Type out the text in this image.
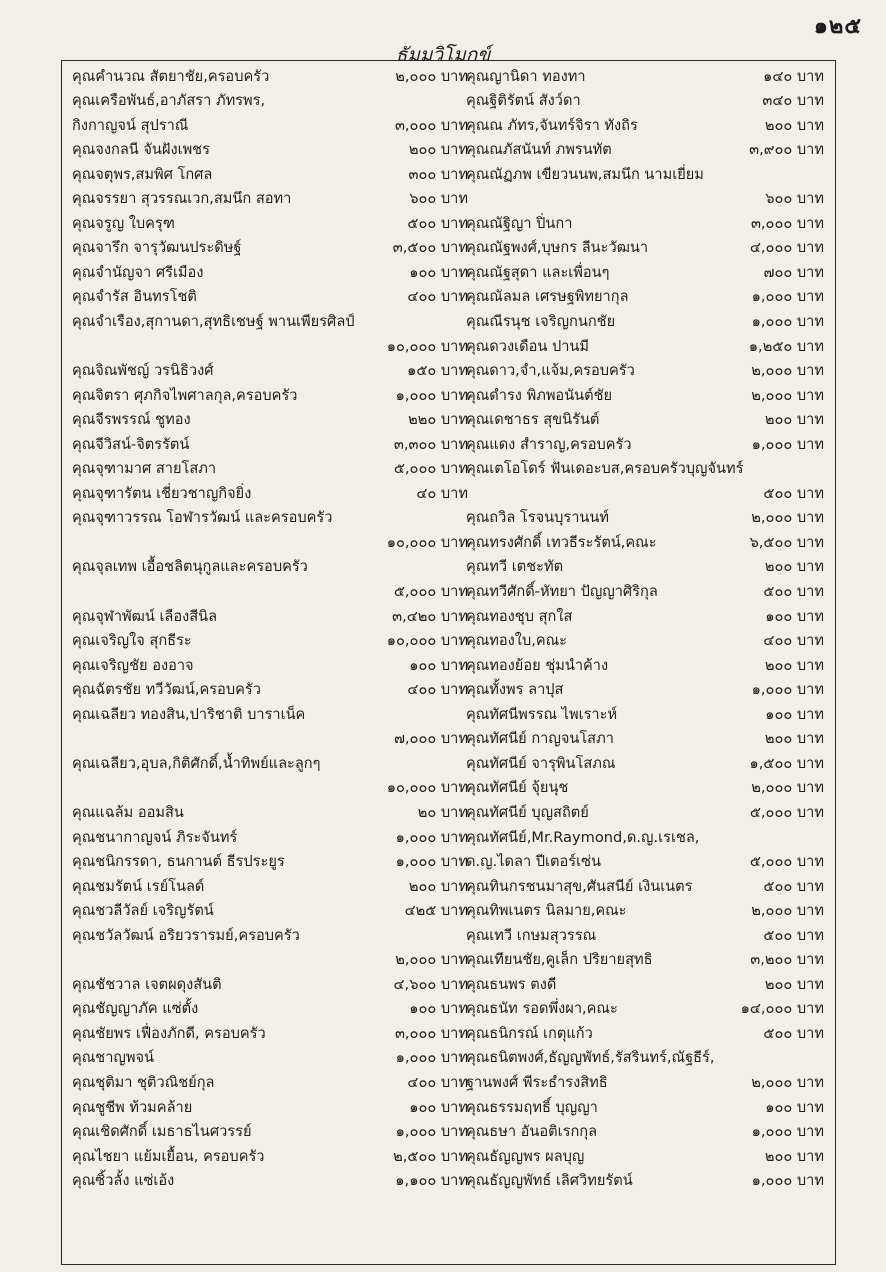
๑๒๕
ธัมมวิโมกข์
คุณคำนวณ สัตยาชัย,ครอบครัว	๒,๐๐๐ บาท
คุณเครือพันธ์,อาภัสรา ภัทรพร,
กิงกาญจน์ สุปราณี	๓,๐๐๐ บาท
คุณจงกลนี จันฝังเพชร	๒๐๐ บาท
คุณจตุพร,สมพิศ โกศล	๓๐๐ บาท
คุณจรรยา สุวรรณเวก,สมนึก สอทา	๖๐๐ บาท
คุณจรูญ ใบครุฑ	๕๐๐ บาท
คุณจารึก จารุวัฒนประดิษฐ์	๓,๕๐๐ บาท
คุณจำนัญจา ศรีเมือง	๑๐๐ บาท
คุณจำรัส อินทรโชติ	๔๐๐ บาท
คุณจำเรือง,สุกานดา,สุทธิเชษฐ์ พานเพียรศิลป์
๑๐,๐๐๐ บาท
คุณจิณพัชญ์ วรนิธิวงศ์	๑๕๐ บาท
คุณจิตรา ศุภกิจไพศาลกุล,ครอบครัว	๑,๐๐๐ บาท
คุณจีรพรรณ์ ชูทอง	๒๒๐ บาท
คุณจีวิสน์-จิตรรัตน์	๓,๓๐๐ บาท
คุณจุฑามาศ สายโสภา	๕,๐๐๐ บาท
คุณจุฑารัตน เชี่ยวชาญกิจยิ่ง	๔๐ บาท
คุณจุฑาวรรณ โอฬารวัฒน์ และครอบครัว
๑๐,๐๐๐ บาท
คุณจุลเทพ เอื้อชลิตนุกูลและครอบครัว
๕,๐๐๐ บาท
คุณจุฬาพัฒน์ เลืองสีนิล	๓,๔๒๐ บาท
คุณเจริญใจ สุกธีระ	๑๐,๐๐๐ บาท
คุณเจริญชัย องอาจ	๑๐๐ บาท
คุณฉัตรชัย ทวีวัฒน์,ครอบครัว	๔๐๐ บาท
คุณเฉลียว ทองสิน,ปาริชาติ บาราเน็ค
๗,๐๐๐ บาท
คุณเฉลียว,อุบล,กิติศักดิ์,น้ำทิพย์และลูกๆ
๑๐,๐๐๐ บาท
คุณแฉล้ม ออมสิน	๒๐ บาท
คุณชนากาญจน์ ภิระจันทร์	๑,๐๐๐ บาท
คุณชนิกรรดา, ธนกานต์ ธีรประยูร	๑,๐๐๐ บาท
คุณชมรัตน์ เรย์โนลด์	๒๐๐ บาท
คุณชวลีวัลย์ เจริญรัตน์	๔๒๕ บาท
คุณชวัลวัฒน์ อริยวรารมย์,ครอบครัว
๒,๐๐๐ บาท
คุณชัชวาล เจตผดุงสันติ	๔,๖๐๐ บาท
คุณชัญญาภัค แซ่ตั้ง	๑๐๐ บาท
คุณชัยพร เฟื่องภักดี, ครอบครัว	๓,๐๐๐ บาท
คุณชาญพจน์	๑,๐๐๐ บาท
คุณชุติมา ชุติวณิชย์กุล	๔๐๐ บาท
คุณชูชีพ ท้วมคล้าย	๑๐๐ บาท
คุณเชิดศักดิ์ เมธาธไนศวรรย์	๑,๐๐๐ บาท
คุณไชยา แย้มเยื้อน, ครอบครัว	๒,๕๐๐ บาท
คุณซิ้วลั้ง แซ่เอ้ง	๑,๑๐๐ บาท
คุณญานิดา ทองทา	๑๔๐ บาท
คุณฐิติรัตน์ สังว์ดา	๓๔๐ บาท
คุณณ ภัทร,จันทร์จิรา ทังถิร	๒๐๐ บาท
คุณณภัสนันท์ ภพรนทัต	๓,๙๐๐ บาท
คุณณัฏภพ เขียวนนพ,สมนึก นามเยี่ยม
๖๐๐ บาท
คุณณัฐิญา ปิ่นกา	๓,๐๐๐ บาท
คุณณัฐพงศ์,บุษกร ลีนะวัฒนา	๔,๐๐๐ บาท
คุณณัฐสุดา และเพื่อนๆ	๗๐๐ บาท
คุณณัลมล เศรษฐพิทยากุล	๑,๐๐๐ บาท
คุณณีรนุช เจริญกนกชัย	๑,๐๐๐ บาท
คุณดวงเดือน ปานมี	๑,๒๕๐ บาท
คุณดาว,จำ,แจ้ม,ครอบครัว	๒,๐๐๐ บาท
คุณดำรง พิภพอนันต์ชัย	๒,๐๐๐ บาท
คุณเดชาธร สุขนิรันต์	๒๐๐ บาท
คุณแดง สำราญ,ครอบครัว	๑,๐๐๐ บาท
คุณเตโอโดร์ ฟันเดอะบส,ครอบครัวบุญจันทร์
๕๐๐ บาท
คุณถวิล โรจนบุรานนท์	๒,๐๐๐ บาท
คุณทรงศักดิ์ เทวธีระรัตน์,คณะ	๖,๕๐๐ บาท
คุณทวี เตชะทัต	๒๐๐ บาท
คุณทวีศักดิ์-หัทยา ปัญญาศิริกุล	๕๐๐ บาท
คุณทองชุบ สุกใส	๑๐๐ บาท
คุณทองใบ,คณะ	๔๐๐ บาท
คุณทองย้อย ชุ่มนำค้าง	๒๐๐ บาท
คุณทั้งพร ลาปุส	๑,๐๐๐ บาท
คุณทัศนีพรรณ ไพเราะห์	๑๐๐ บาท
คุณทัศนีย์ กาญจนโสภา	๒๐๐ บาท
คุณทัศนีย์ จารุพินโสภณ	๑,๕๐๐ บาท
คุณทัศนีย์ จุ้ยนุช	๒,๐๐๐ บาท
คุณทัศนีย์ บุญสถิตย์	๕,๐๐๐ บาท
คุณทัศนีย์,Mr.Raymond,ด.ญ.เรเชล,
ด.ญ.ไดลา ปีเตอร์เซ่น	๕,๐๐๐ บาท
คุณทินกรชนมาสุข,ศันสนีย์ เงินเนตร	๕๐๐ บาท
คุณทิพเนตร นิลมาย,คณะ	๒,๐๐๐ บาท
คุณเทวี เกษมสุวรรณ	๕๐๐ บาท
คุณเทียนชัย,คูเล็ก ปริยายสุทธิ	๓,๒๐๐ บาท
คุณธนพร ตงดี	๒๐๐ บาท
คุณธนัท รอดพึ่งผา,คณะ	๑๔,๐๐๐ บาท
คุณธนิกรณ์ เกตุแก้ว	๕๐๐ บาท
คุณธนิตพงศ์,ธัญญพัทธ์,รัสรินทร์,ณัฐธีร์,
ฐานพงศ์ พีระธำรงสิทธิ	๒,๐๐๐ บาท
คุณธรรมฤทธิ์ บุญญา	๑๐๐ บาท
คุณธษา อันอติเรกกุล	๑,๐๐๐ บาท
คุณธัญญพร ผลบุญ	๒๐๐ บาท
คุณธัญญพัทธ์ เลิศวิทยรัตน์	๑,๐๐๐ บาท
